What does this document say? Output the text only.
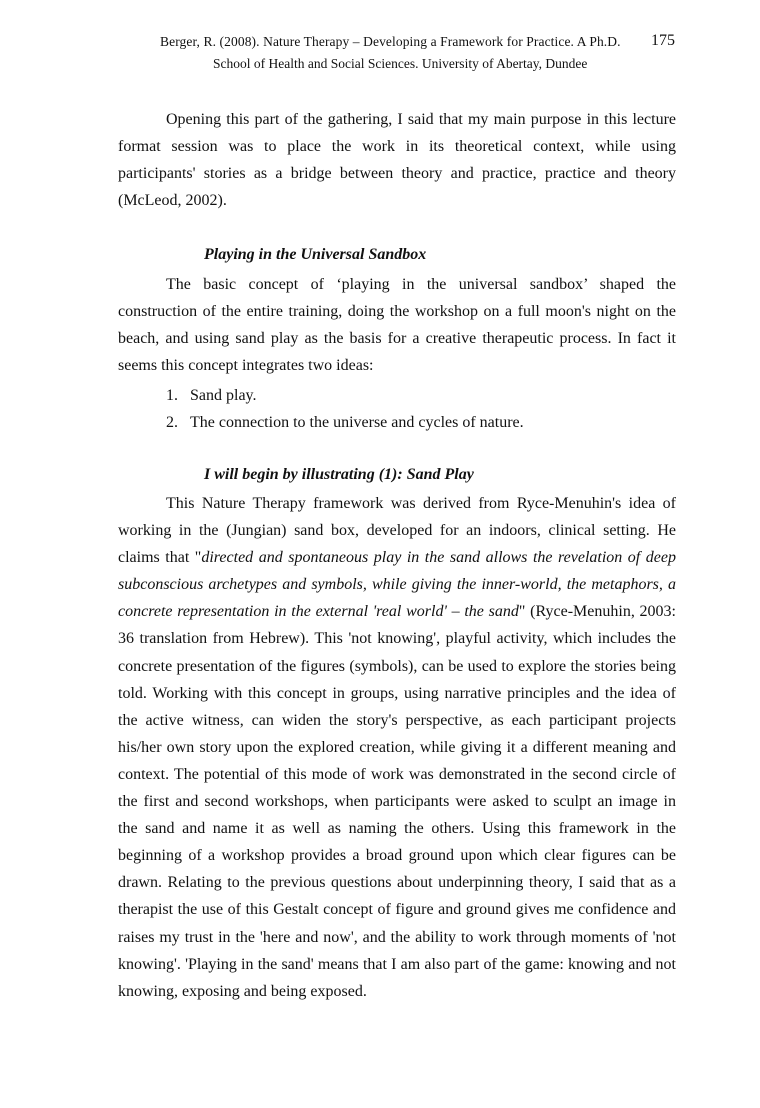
Berger, R. (2008). Nature Therapy – Developing a Framework for Practice. A Ph.D. 175
School of Health and Social Sciences. University of Abertay, Dundee
Opening this part of the gathering, I said that my main purpose in this lecture
format session was to place the work in its theoretical context, while using
participants' stories as a bridge between theory and practice, practice and theory
(McLeod, 2002).
Playing in the Universal Sandbox
The basic concept of ‘playing in the universal sandbox’ shaped the
construction of the entire training, doing the workshop on a full moon's night on the
beach, and using sand play as the basis for a creative therapeutic process. In fact it
seems this concept integrates two ideas:
1. Sand play.
2. The connection to the universe and cycles of nature.
I will begin by illustrating (1): Sand Play
This Nature Therapy framework was derived from Ryce-Menuhin's idea of
working in the (Jungian) sand box, developed for an indoors, clinical setting. He
claims that "directed and spontaneous play in the sand allows the revelation of deep
subconscious archetypes and symbols, while giving the inner-world, the metaphors, a
concrete representation in the external 'real world' – the sand" (Ryce-Menuhin, 2003:
36 translation from Hebrew). This 'not knowing', playful activity, which includes the
concrete presentation of the figures (symbols), can be used to explore the stories being
told. Working with this concept in groups, using narrative principles and the idea of
the active witness, can widen the story's perspective, as each participant projects
his/her own story upon the explored creation, while giving it a different meaning and
context. The potential of this mode of work was demonstrated in the second circle of
the first and second workshops, when participants were asked to sculpt an image in
the sand and name it as well as naming the others. Using this framework in the
beginning of a workshop provides a broad ground upon which clear figures can be
drawn. Relating to the previous questions about underpinning theory, I said that as a
therapist the use of this Gestalt concept of figure and ground gives me confidence and
raises my trust in the 'here and now', and the ability to work through moments of 'not
knowing'. 'Playing in the sand' means that I am also part of the game: knowing and not
knowing, exposing and being exposed.
